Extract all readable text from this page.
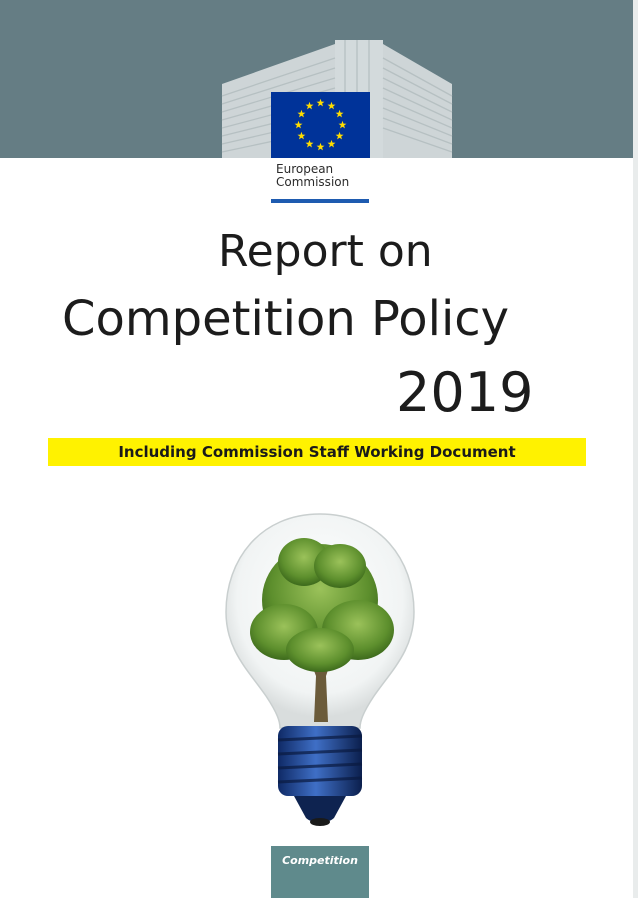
European
Commission
Report on
Competition Policy
2019
Including Commission Staff Working Document
Competition
